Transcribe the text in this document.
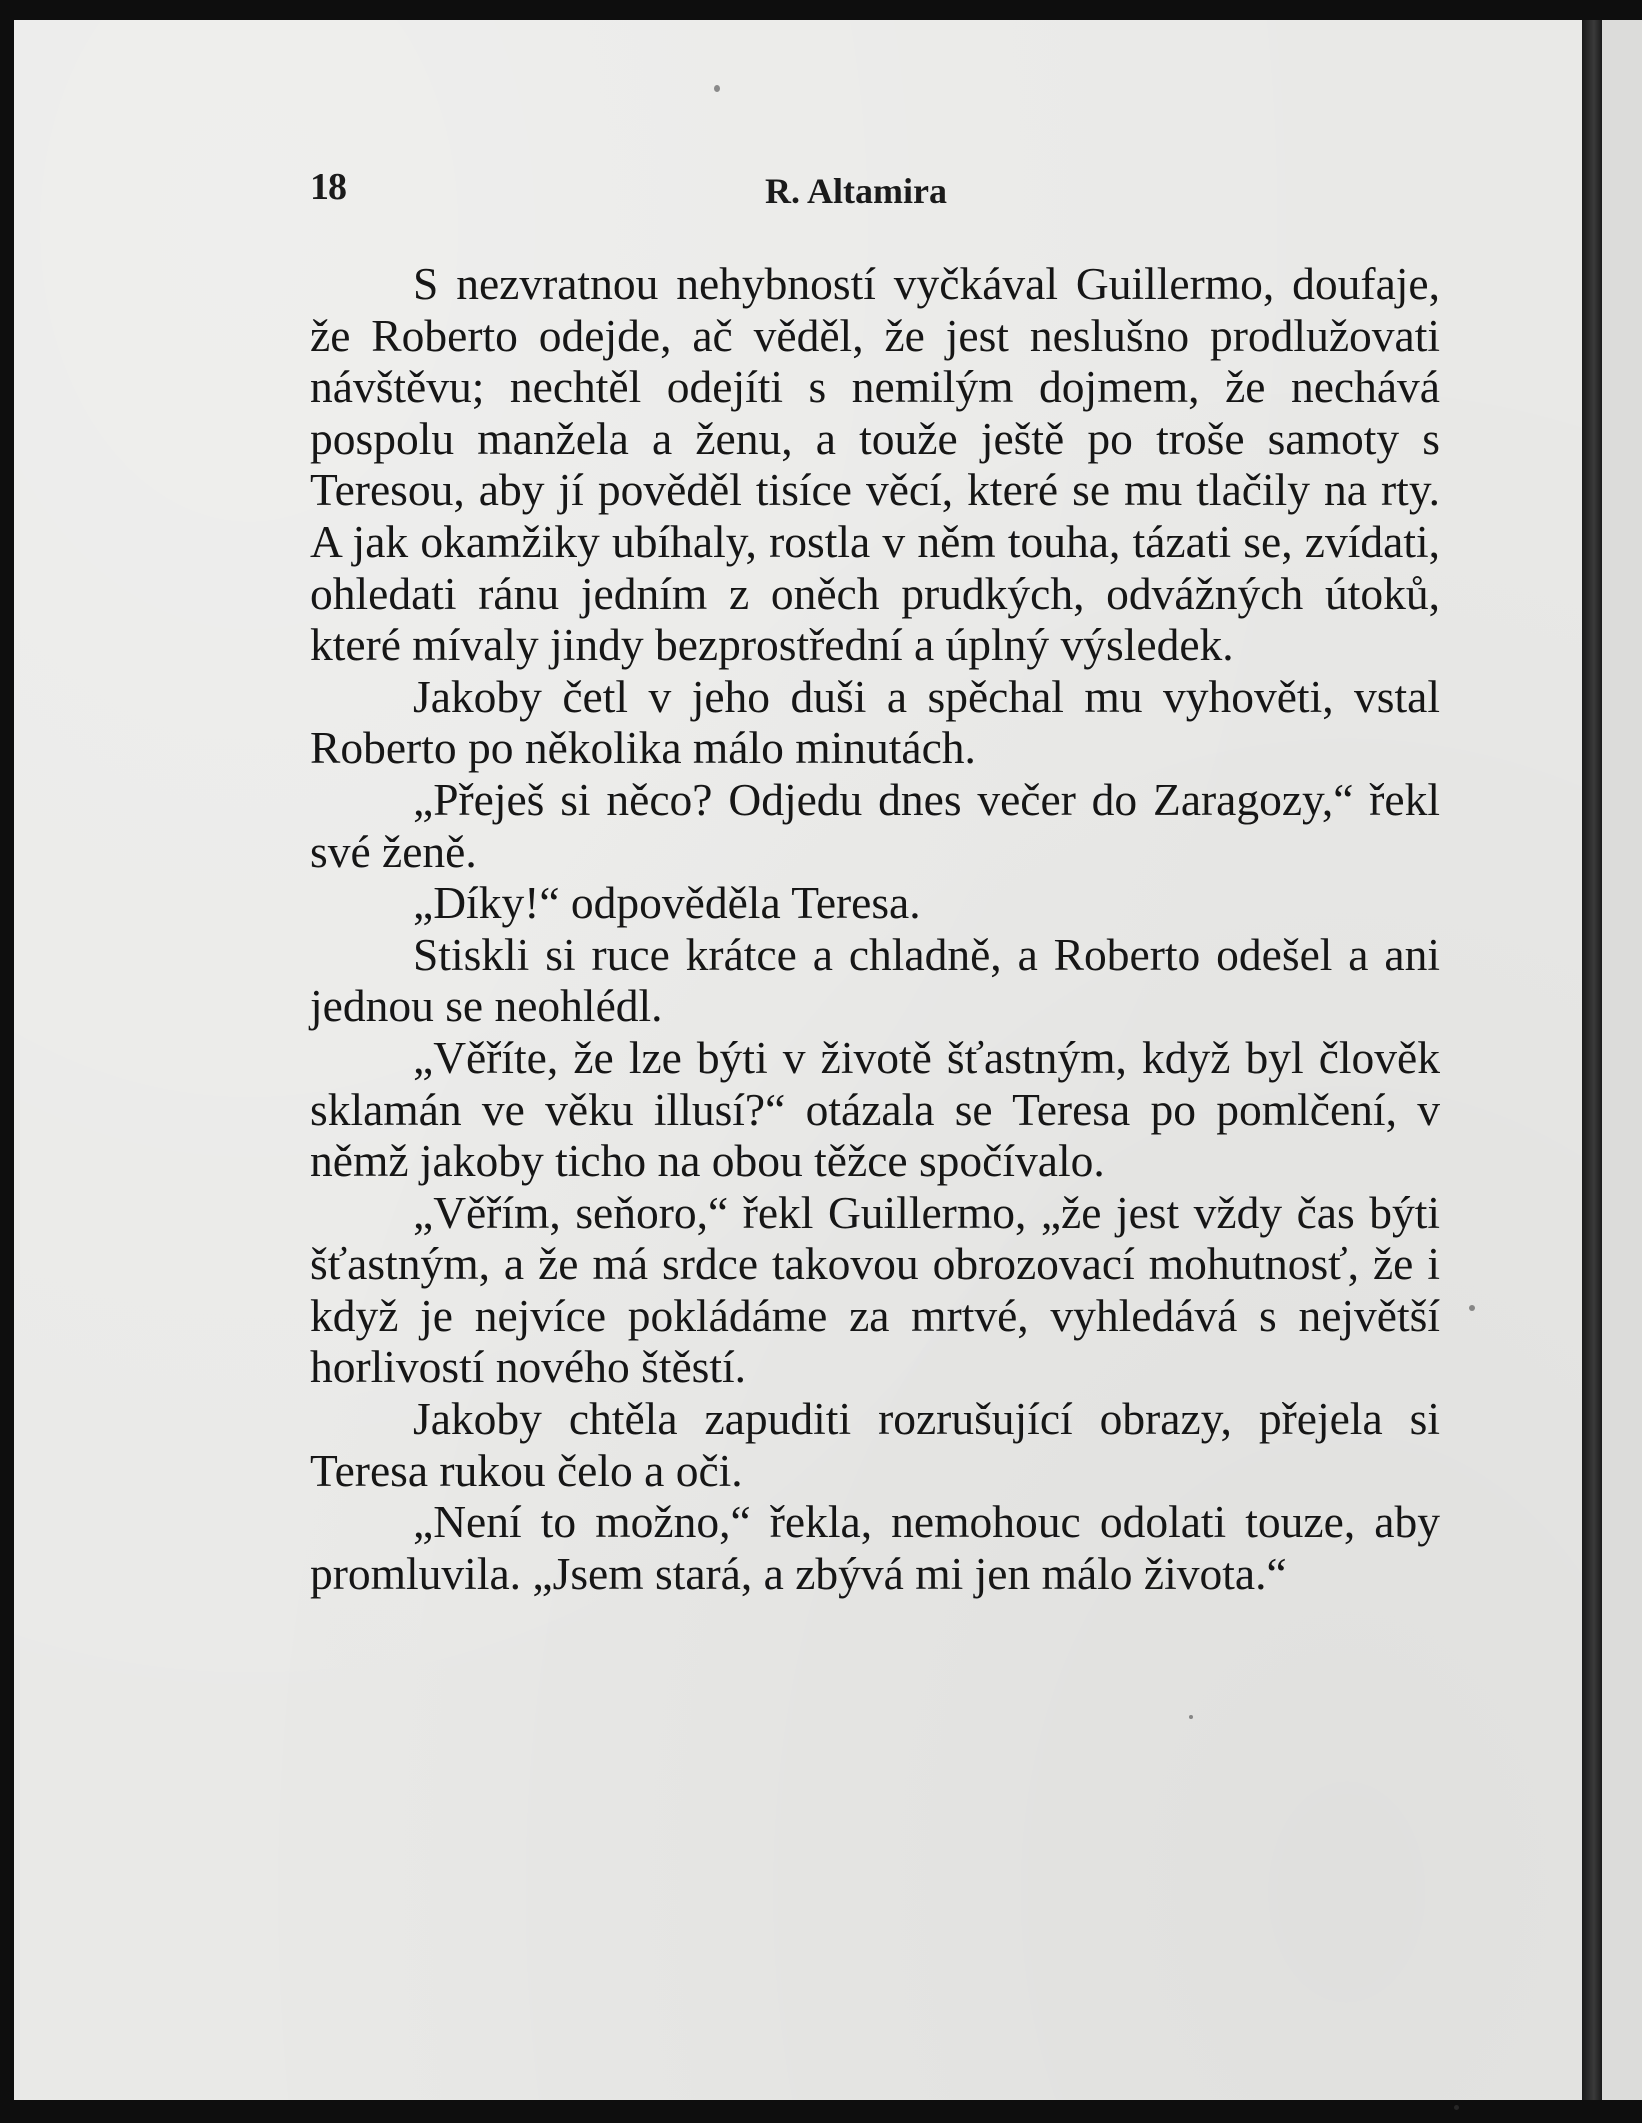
18	R. Altamira

S nezvratnou nehybností vyčkával Guillermo, doufaje, že Roberto odejde, ač věděl, že jest neslušno prodlužovati návštěvu; nechtěl odejíti s nemilým dojmem, že nechává pospolu manžela a ženu, a touže ještě po troše samoty s Teresou, aby jí pověděl tisíce věcí, které se mu tlačily na rty. A jak okamžiky ubíhaly, rostla v něm touha, tázati se, zvídati, ohledati ránu jedním z oněch prudkých, odvážných útoků, které mívaly jindy bezprostřední a úplný výsledek.

Jakoby četl v jeho duši a spěchal mu vyhověti, vstal Roberto po několika málo minutách.

„Přeješ si něco? Odjedu dnes večer do Zaragozy,“ řekl své ženě.

„Díky!“ odpověděla Teresa.

Stiskli si ruce krátce a chladně, a Roberto odešel a ani jednou se neohlédl.

„Věříte, že lze býti v životě šťastným, když byl člověk sklamán ve věku illusí?“ otázala se Teresa po pomlčení, v němž jakoby ticho na obou těžce spočívalo.

„Věřím, seňoro,“ řekl Guillermo, „že jest vždy čas býti šťastným, a že má srdce takovou obrozovací mohutnosť, že i když je nejvíce pokládáme za mrtvé, vyhledává s největší horlivostí nového štěstí.

Jakoby chtěla zapuditi rozrušující obrazy, přejela si Teresa rukou čelo a oči.

„Není to možno,“ řekla, nemohouc odolati touze, aby promluvila. „Jsem stará, a zbývá mi jen málo života.“
